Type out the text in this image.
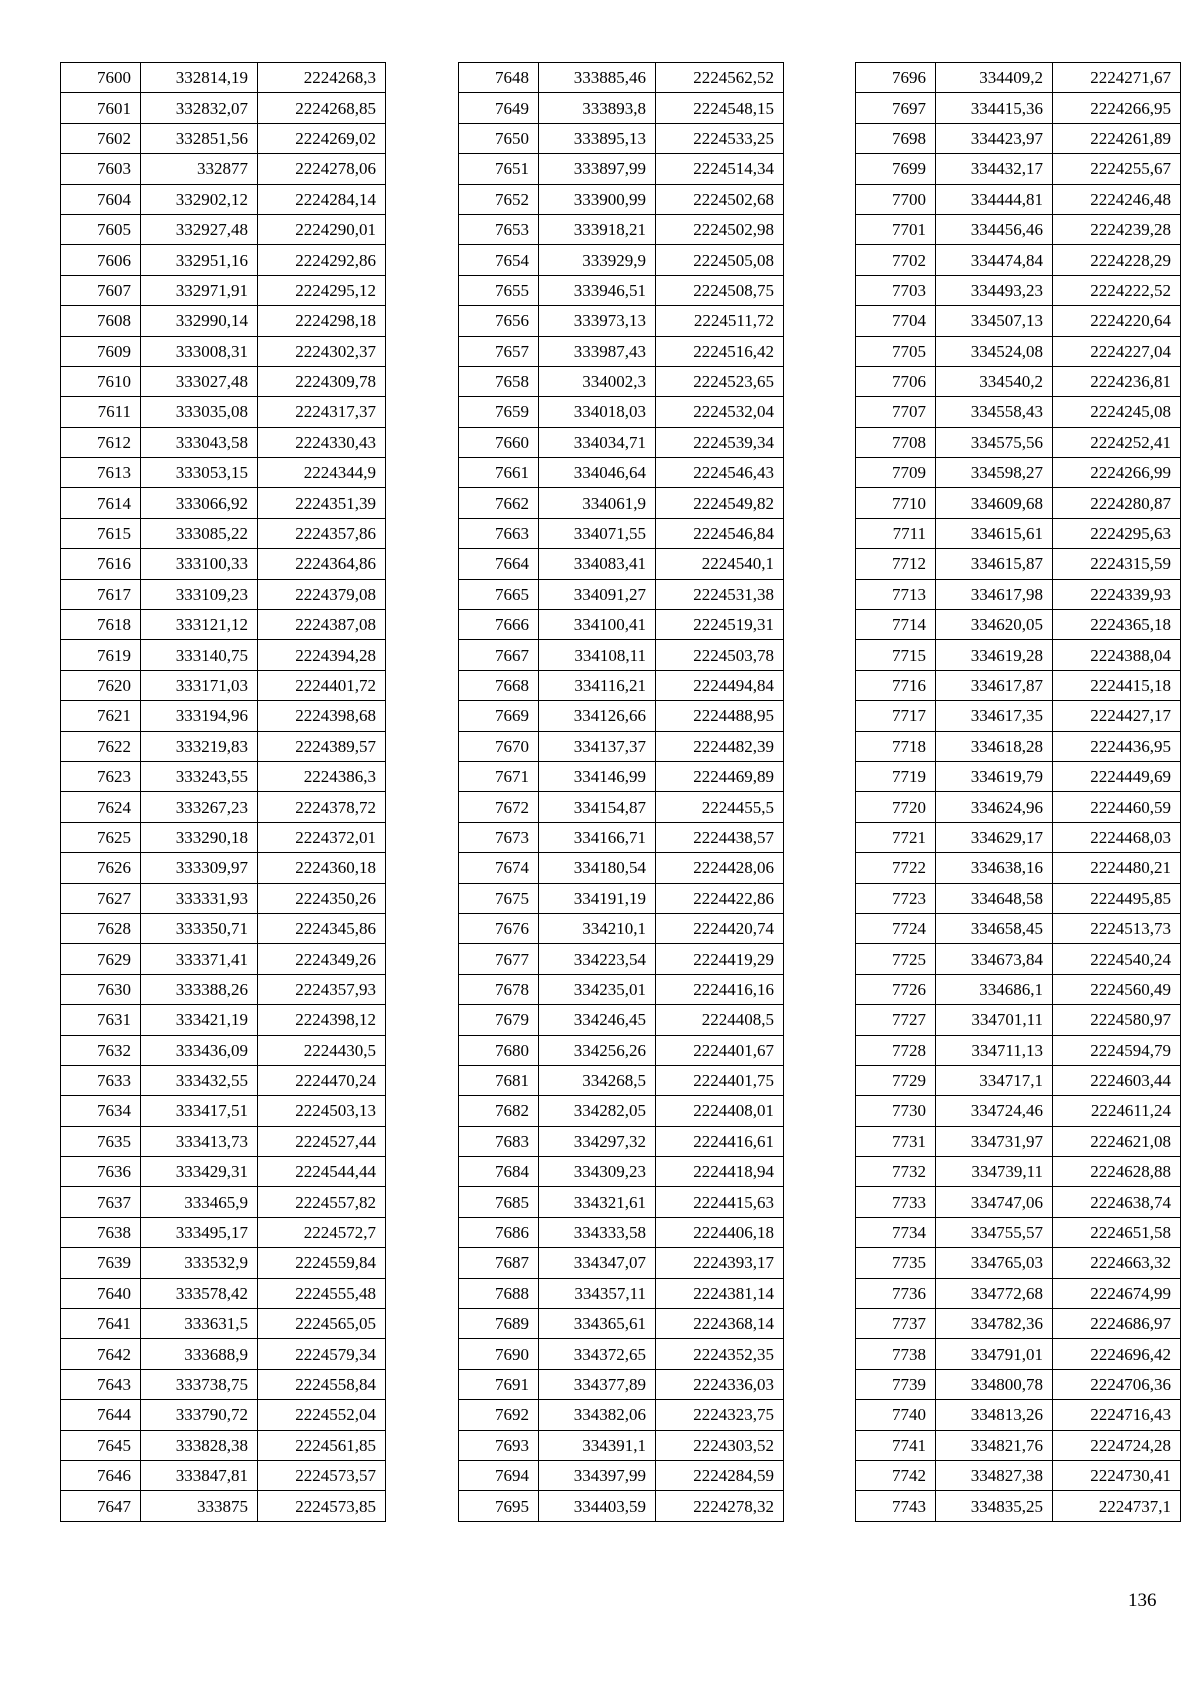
7600	332814,19	2224268,3
7601	332832,07	2224268,85
7602	332851,56	2224269,02
7603	332877	2224278,06
7604	332902,12	2224284,14
7605	332927,48	2224290,01
7606	332951,16	2224292,86
7607	332971,91	2224295,12
7608	332990,14	2224298,18
7609	333008,31	2224302,37
7610	333027,48	2224309,78
7611	333035,08	2224317,37
7612	333043,58	2224330,43
7613	333053,15	2224344,9
7614	333066,92	2224351,39
7615	333085,22	2224357,86
7616	333100,33	2224364,86
7617	333109,23	2224379,08
7618	333121,12	2224387,08
7619	333140,75	2224394,28
7620	333171,03	2224401,72
7621	333194,96	2224398,68
7622	333219,83	2224389,57
7623	333243,55	2224386,3
7624	333267,23	2224378,72
7625	333290,18	2224372,01
7626	333309,97	2224360,18
7627	333331,93	2224350,26
7628	333350,71	2224345,86
7629	333371,41	2224349,26
7630	333388,26	2224357,93
7631	333421,19	2224398,12
7632	333436,09	2224430,5
7633	333432,55	2224470,24
7634	333417,51	2224503,13
7635	333413,73	2224527,44
7636	333429,31	2224544,44
7637	333465,9	2224557,82
7638	333495,17	2224572,7
7639	333532,9	2224559,84
7640	333578,42	2224555,48
7641	333631,5	2224565,05
7642	333688,9	2224579,34
7643	333738,75	2224558,84
7644	333790,72	2224552,04
7645	333828,38	2224561,85
7646	333847,81	2224573,57
7647	333875	2224573,85
7648	333885,46	2224562,52
7649	333893,8	2224548,15
7650	333895,13	2224533,25
7651	333897,99	2224514,34
7652	333900,99	2224502,68
7653	333918,21	2224502,98
7654	333929,9	2224505,08
7655	333946,51	2224508,75
7656	333973,13	2224511,72
7657	333987,43	2224516,42
7658	334002,3	2224523,65
7659	334018,03	2224532,04
7660	334034,71	2224539,34
7661	334046,64	2224546,43
7662	334061,9	2224549,82
7663	334071,55	2224546,84
7664	334083,41	2224540,1
7665	334091,27	2224531,38
7666	334100,41	2224519,31
7667	334108,11	2224503,78
7668	334116,21	2224494,84
7669	334126,66	2224488,95
7670	334137,37	2224482,39
7671	334146,99	2224469,89
7672	334154,87	2224455,5
7673	334166,71	2224438,57
7674	334180,54	2224428,06
7675	334191,19	2224422,86
7676	334210,1	2224420,74
7677	334223,54	2224419,29
7678	334235,01	2224416,16
7679	334246,45	2224408,5
7680	334256,26	2224401,67
7681	334268,5	2224401,75
7682	334282,05	2224408,01
7683	334297,32	2224416,61
7684	334309,23	2224418,94
7685	334321,61	2224415,63
7686	334333,58	2224406,18
7687	334347,07	2224393,17
7688	334357,11	2224381,14
7689	334365,61	2224368,14
7690	334372,65	2224352,35
7691	334377,89	2224336,03
7692	334382,06	2224323,75
7693	334391,1	2224303,52
7694	334397,99	2224284,59
7695	334403,59	2224278,32
7696	334409,2	2224271,67
7697	334415,36	2224266,95
7698	334423,97	2224261,89
7699	334432,17	2224255,67
7700	334444,81	2224246,48
7701	334456,46	2224239,28
7702	334474,84	2224228,29
7703	334493,23	2224222,52
7704	334507,13	2224220,64
7705	334524,08	2224227,04
7706	334540,2	2224236,81
7707	334558,43	2224245,08
7708	334575,56	2224252,41
7709	334598,27	2224266,99
7710	334609,68	2224280,87
7711	334615,61	2224295,63
7712	334615,87	2224315,59
7713	334617,98	2224339,93
7714	334620,05	2224365,18
7715	334619,28	2224388,04
7716	334617,87	2224415,18
7717	334617,35	2224427,17
7718	334618,28	2224436,95
7719	334619,79	2224449,69
7720	334624,96	2224460,59
7721	334629,17	2224468,03
7722	334638,16	2224480,21
7723	334648,58	2224495,85
7724	334658,45	2224513,73
7725	334673,84	2224540,24
7726	334686,1	2224560,49
7727	334701,11	2224580,97
7728	334711,13	2224594,79
7729	334717,1	2224603,44
7730	334724,46	2224611,24
7731	334731,97	2224621,08
7732	334739,11	2224628,88
7733	334747,06	2224638,74
7734	334755,57	2224651,58
7735	334765,03	2224663,32
7736	334772,68	2224674,99
7737	334782,36	2224686,97
7738	334791,01	2224696,42
7739	334800,78	2224706,36
7740	334813,26	2224716,43
7741	334821,76	2224724,28
7742	334827,38	2224730,41
7743	334835,25	2224737,1
136
